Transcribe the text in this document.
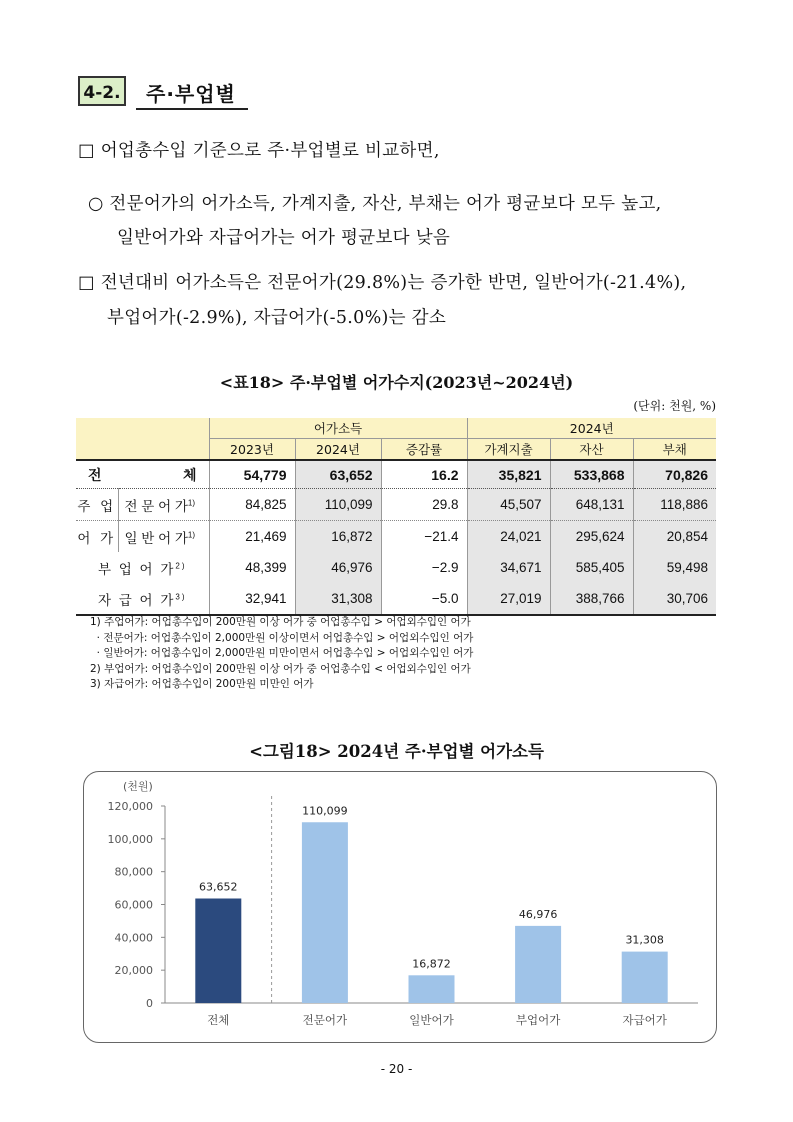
4-2. 주·부업별
□ 어업총수입 기준으로 주·부업별로 비교하면,
○ 전문어가의 어가소득, 가계지출, 자산, 부채는 어가 평균보다 모두 높고,
일반어가와 자급어가는 어가 평균보다 낮음
□ 전년대비 어가소득은 전문어가(29.8%)는 증가한 반면, 일반어가(-21.4%),
부업어가(-2.9%), 자급어가(-5.0%)는 감소
<표18> 주·부업별 어가수지(2023년~2024년)
(단위: 천원, %)
		어가소득			2024년		
		2023년	2024년	증감률	가계지출	자산	부채
전 체		54,779	63,652	16.2	35,821	533,868	70,826
주 업	전 문 어 가$^{1)}$	84,825	110,099	29.8	45,507	648,131	118,886
어 가	일 반 어 가$^{1)}$	21,469	16,872	−21.4	24,021	295,624	20,854
부 업 어 가$^{2)}$		48,399	46,976	−2.9	34,671	585,405	59,498
자 급 어 가$^{3)}$		32,941	31,308	−5.0	27,019	388,766	30,706
1) 주업어가: 어업총수입이 200만원 이상 어가 중 어업총수입 > 어업외수입인 어가
· 전문어가: 어업총수입이 2,000만원 이상이면서 어업총수입 > 어업외수입인 어가
· 일반어가: 어업총수입이 2,000만원 미만이면서 어업총수입 > 어업외수입인 어가
2) 부업어가: 어업총수입이 200만원 이상 어가 중 어업총수입 < 어업외수입인 어가
3) 자급어가: 어업총수입이 200만원 미만인 어가
<그림18> 2024년 주·부업별 어가소득
(천원)
0
20,000
40,000
60,000
80,000
100,000
120,000
63,652
전체
110,099
전문어가
16,872
일반어가
46,976
부업어가
31,308
자급어가
- 20 -
